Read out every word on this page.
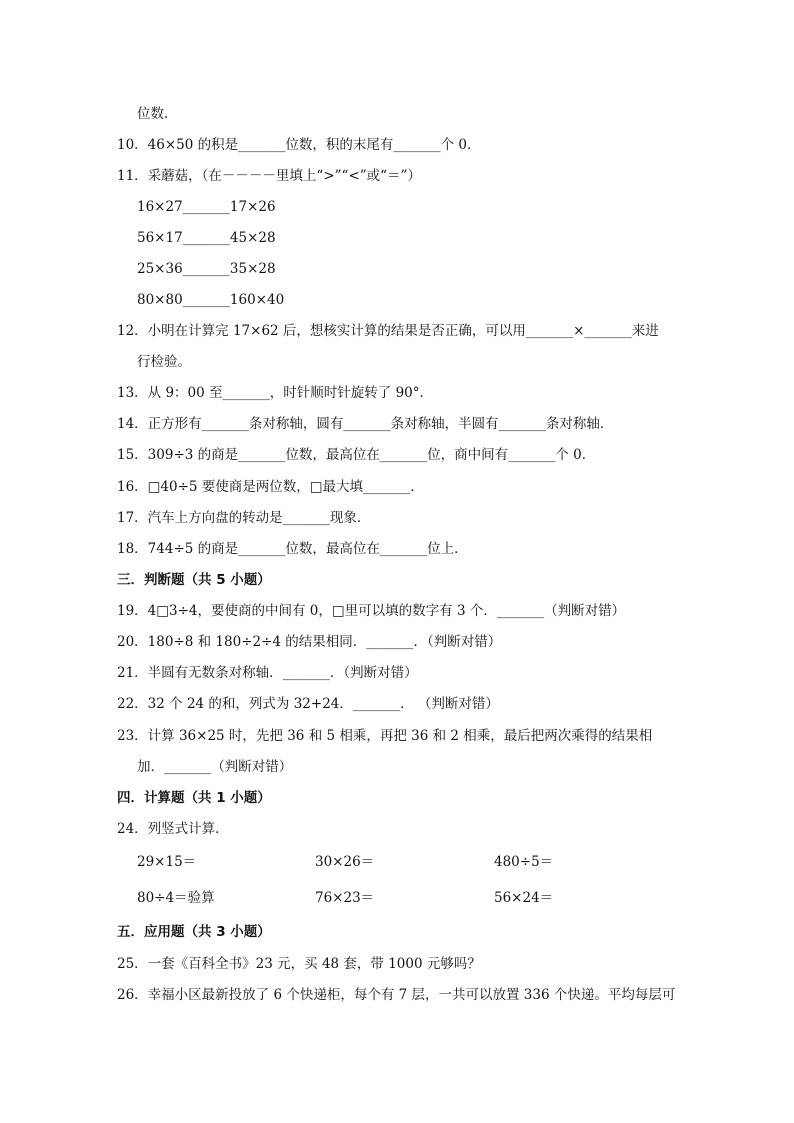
位数．
10．46×50 的积是_______位数，积的末尾有_______个 0．
11．采蘑菇，（在－－－－里填上“>”“<”或“＝”）
16×27_______17×26
56×17_______45×28
25×36_______35×28
80×80_______160×40
12．小明在计算完 17×62 后，想核实计算的结果是否正确，可以用_______×_______来进
行检验。
13．从 9：00 至_______，时针顺时针旋转了 90°．
14．正方形有_______条对称轴，圆有_______条对称轴，半圆有_______条对称轴．
15．309÷3 的商是_______位数，最高位在_______位，商中间有_______个 0．
16．□40÷5 要使商是两位数，□最大填_______．
17．汽车上方向盘的转动是_______现象．
18．744÷5 的商是_______位数，最高位在_______位上．
三．判断题（共 5 小题）
19．4□3÷4，要使商的中间有 0，□里可以填的数字有 3 个．_______（判断对错）
20．180÷8 和 180÷2÷4 的结果相同．_______．（判断对错）
21．半圆有无数条对称轴．_______．（判断对错）
22．32 个 24 的和，列式为 32+24．_______． （判断对错）
23．计算 36×25 时，先把 36 和 5 相乘，再把 36 和 2 相乘，最后把两次乘得的结果相
加．_______（判断对错）
四．计算题（共 1 小题）
24．列竖式计算．
29×15＝	30×26＝	480÷5＝
80÷4＝验算	76×23＝	56×24＝
五．应用题（共 3 小题）
25．一套《百科全书》23 元，买 48 套，带 1000 元够吗？
26．幸福小区最新投放了 6 个快递柜，每个有 7 层，一共可以放置 336 个快递。平均每层可
